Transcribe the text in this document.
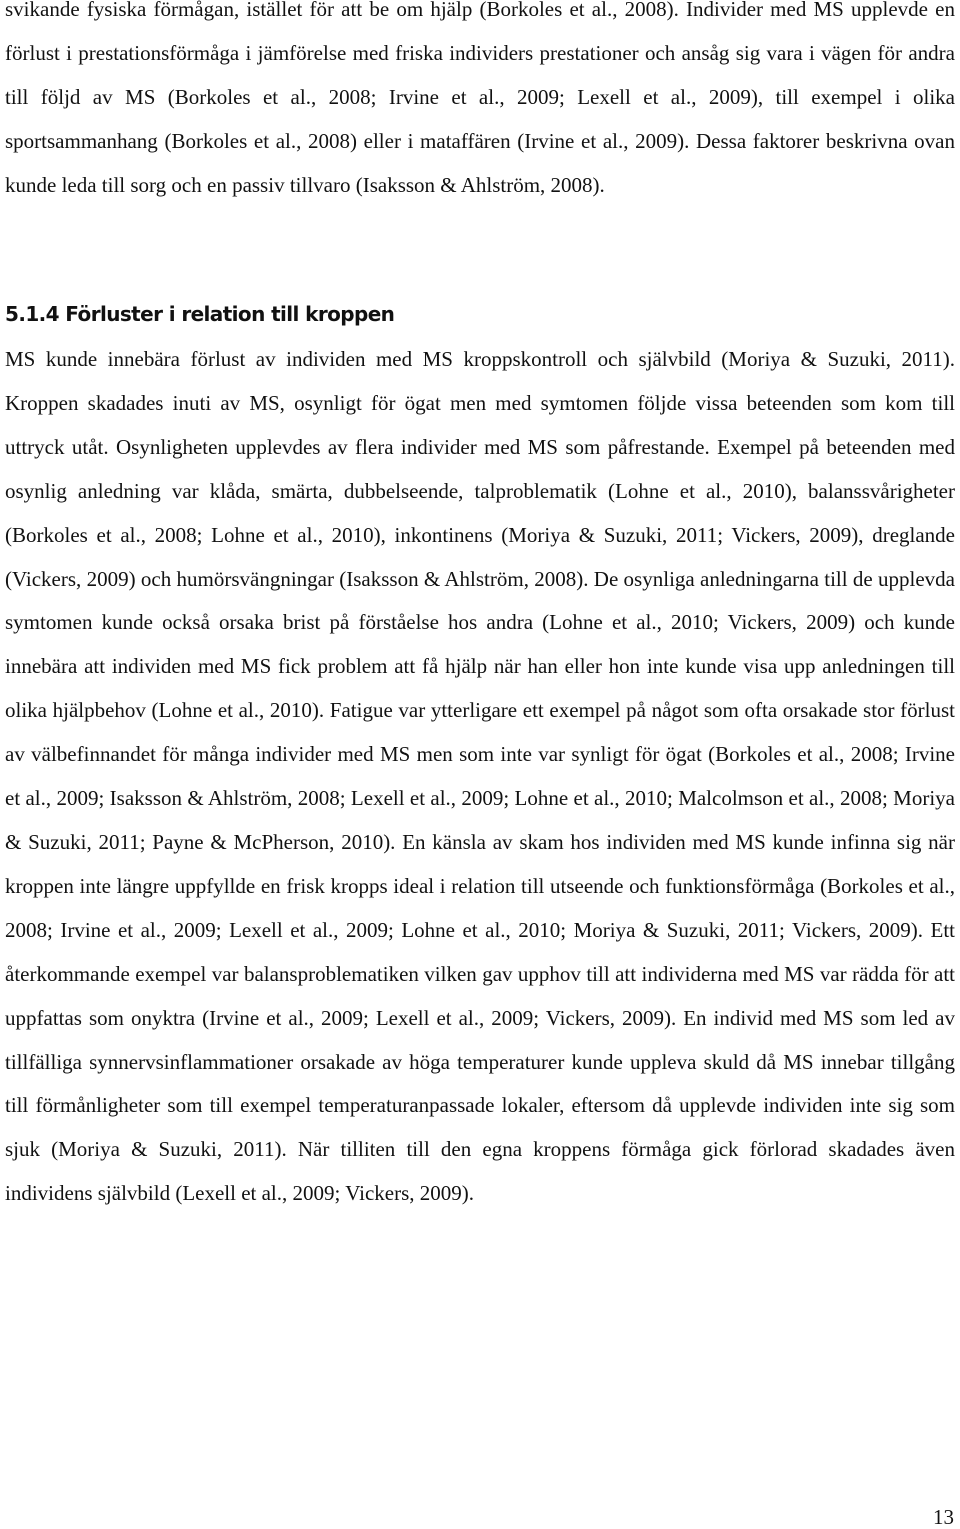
svikande fysiska förmågan, istället för att be om hjälp (Borkoles et al., 2008). Individer med MS upplevde en förlust i prestationsförmåga i jämförelse med friska individers prestationer och ansåg sig vara i vägen för andra till följd av MS (Borkoles et al., 2008; Irvine et al., 2009; Lexell et al., 2009), till exempel i olika sportsammanhang (Borkoles et al., 2008) eller i mataffären (Irvine et al., 2009). Dessa faktorer beskrivna ovan kunde leda till sorg och en passiv tillvaro (Isaksson & Ahlström, 2008).

5.1.4 Förluster i relation till kroppen

MS kunde innebära förlust av individen med MS kroppskontroll och självbild (Moriya & Suzuki, 2011). Kroppen skadades inuti av MS, osynligt för ögat men med symtomen följde vissa beteenden som kom till uttryck utåt. Osynligheten upplevdes av flera individer med MS som påfrestande. Exempel på beteenden med osynlig anledning var klåda, smärta, dubbelseende, talproblematik (Lohne et al., 2010), balanssvårigheter (Borkoles et al., 2008; Lohne et al., 2010), inkontinens (Moriya & Suzuki, 2011; Vickers, 2009), dreglande (Vickers, 2009) och humörsvängningar (Isaksson & Ahlström, 2008). De osynliga anledningarna till de upplevda symtomen kunde också orsaka brist på förståelse hos andra (Lohne et al., 2010; Vickers, 2009) och kunde innebära att individen med MS fick problem att få hjälp när han eller hon inte kunde visa upp anledningen till olika hjälpbehov (Lohne et al., 2010). Fatigue var ytterligare ett exempel på något som ofta orsakade stor förlust av välbefinnandet för många individer med MS men som inte var synligt för ögat (Borkoles et al., 2008; Irvine et al., 2009; Isaksson & Ahlström, 2008; Lexell et al., 2009; Lohne et al., 2010; Malcolmson et al., 2008; Moriya & Suzuki, 2011; Payne & McPherson, 2010). En känsla av skam hos individen med MS kunde infinna sig när kroppen inte längre uppfyllde en frisk kropps ideal i relation till utseende och funktionsförmåga (Borkoles et al., 2008; Irvine et al., 2009; Lexell et al., 2009; Lohne et al., 2010; Moriya & Suzuki, 2011; Vickers, 2009). Ett återkommande exempel var balansproblematiken vilken gav upphov till att individerna med MS var rädda för att uppfattas som onyktra (Irvine et al., 2009; Lexell et al., 2009; Vickers, 2009). En individ med MS som led av tillfälliga synnervsinflammationer orsakade av höga temperaturer kunde uppleva skuld då MS innebar tillgång till förmånligheter som till exempel temperaturanpassade lokaler, eftersom då upplevde individen inte sig som sjuk (Moriya & Suzuki, 2011). När tilliten till den egna kroppens förmåga gick förlorad skadades även individens självbild (Lexell et al., 2009; Vickers, 2009).

13
